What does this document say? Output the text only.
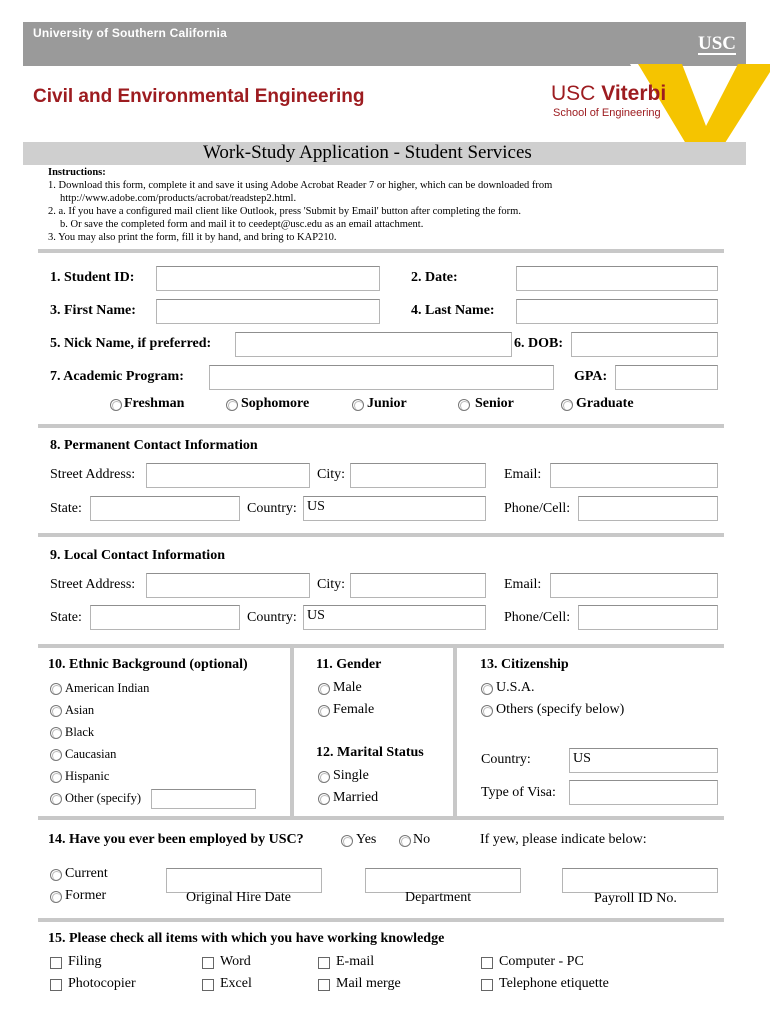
University of Southern California	USC
Civil and Environmental Engineering	USC Viterbi
School of Engineering
Work-Study Application - Student Services
Instructions:
1. Download this form, complete it and save it using Adobe Acrobat Reader 7 or higher, which can be downloaded from
http://www.adobe.com/products/acrobat/readstep2.html.
2. a. If you have a configured mail client like Outlook, press 'Submit by Email' button after completing the form.
b. Or save the completed form and mail it to ceedept@usc.edu as an email attachment.
3. You may also print the form, fill it by hand, and bring to KAP210.
1. Student ID:	2. Date:
3. First Name:	4. Last Name:
5. Nick Name, if preferred:	6. DOB:
7. Academic Program:	GPA:
Freshman	Sophomore	Junior	Senior	Graduate
8. Permanent Contact Information
Street Address:	City:	Email:
State:	Country: US	Phone/Cell:
9. Local Contact Information
Street Address:	City:	Email:
State:	Country: US	Phone/Cell:
10. Ethnic Background (optional)
American Indian
Asian
Black
Caucasian
Hispanic
Other (specify)
11. Gender
Male
Female
12. Marital Status
Single
Married
13. Citizenship
U.S.A.
Others (specify below)
Country:	US
Type of Visa:
14. Have you ever been employed by USC?	Yes	No	If yew, please indicate below:
Current
Former	Original Hire Date	Department	Payroll ID No.
15. Please check all items with which you have working knowledge
Filing	Word	E-mail	Computer - PC
Photocopier	Excel	Mail merge	Telephone etiquette
